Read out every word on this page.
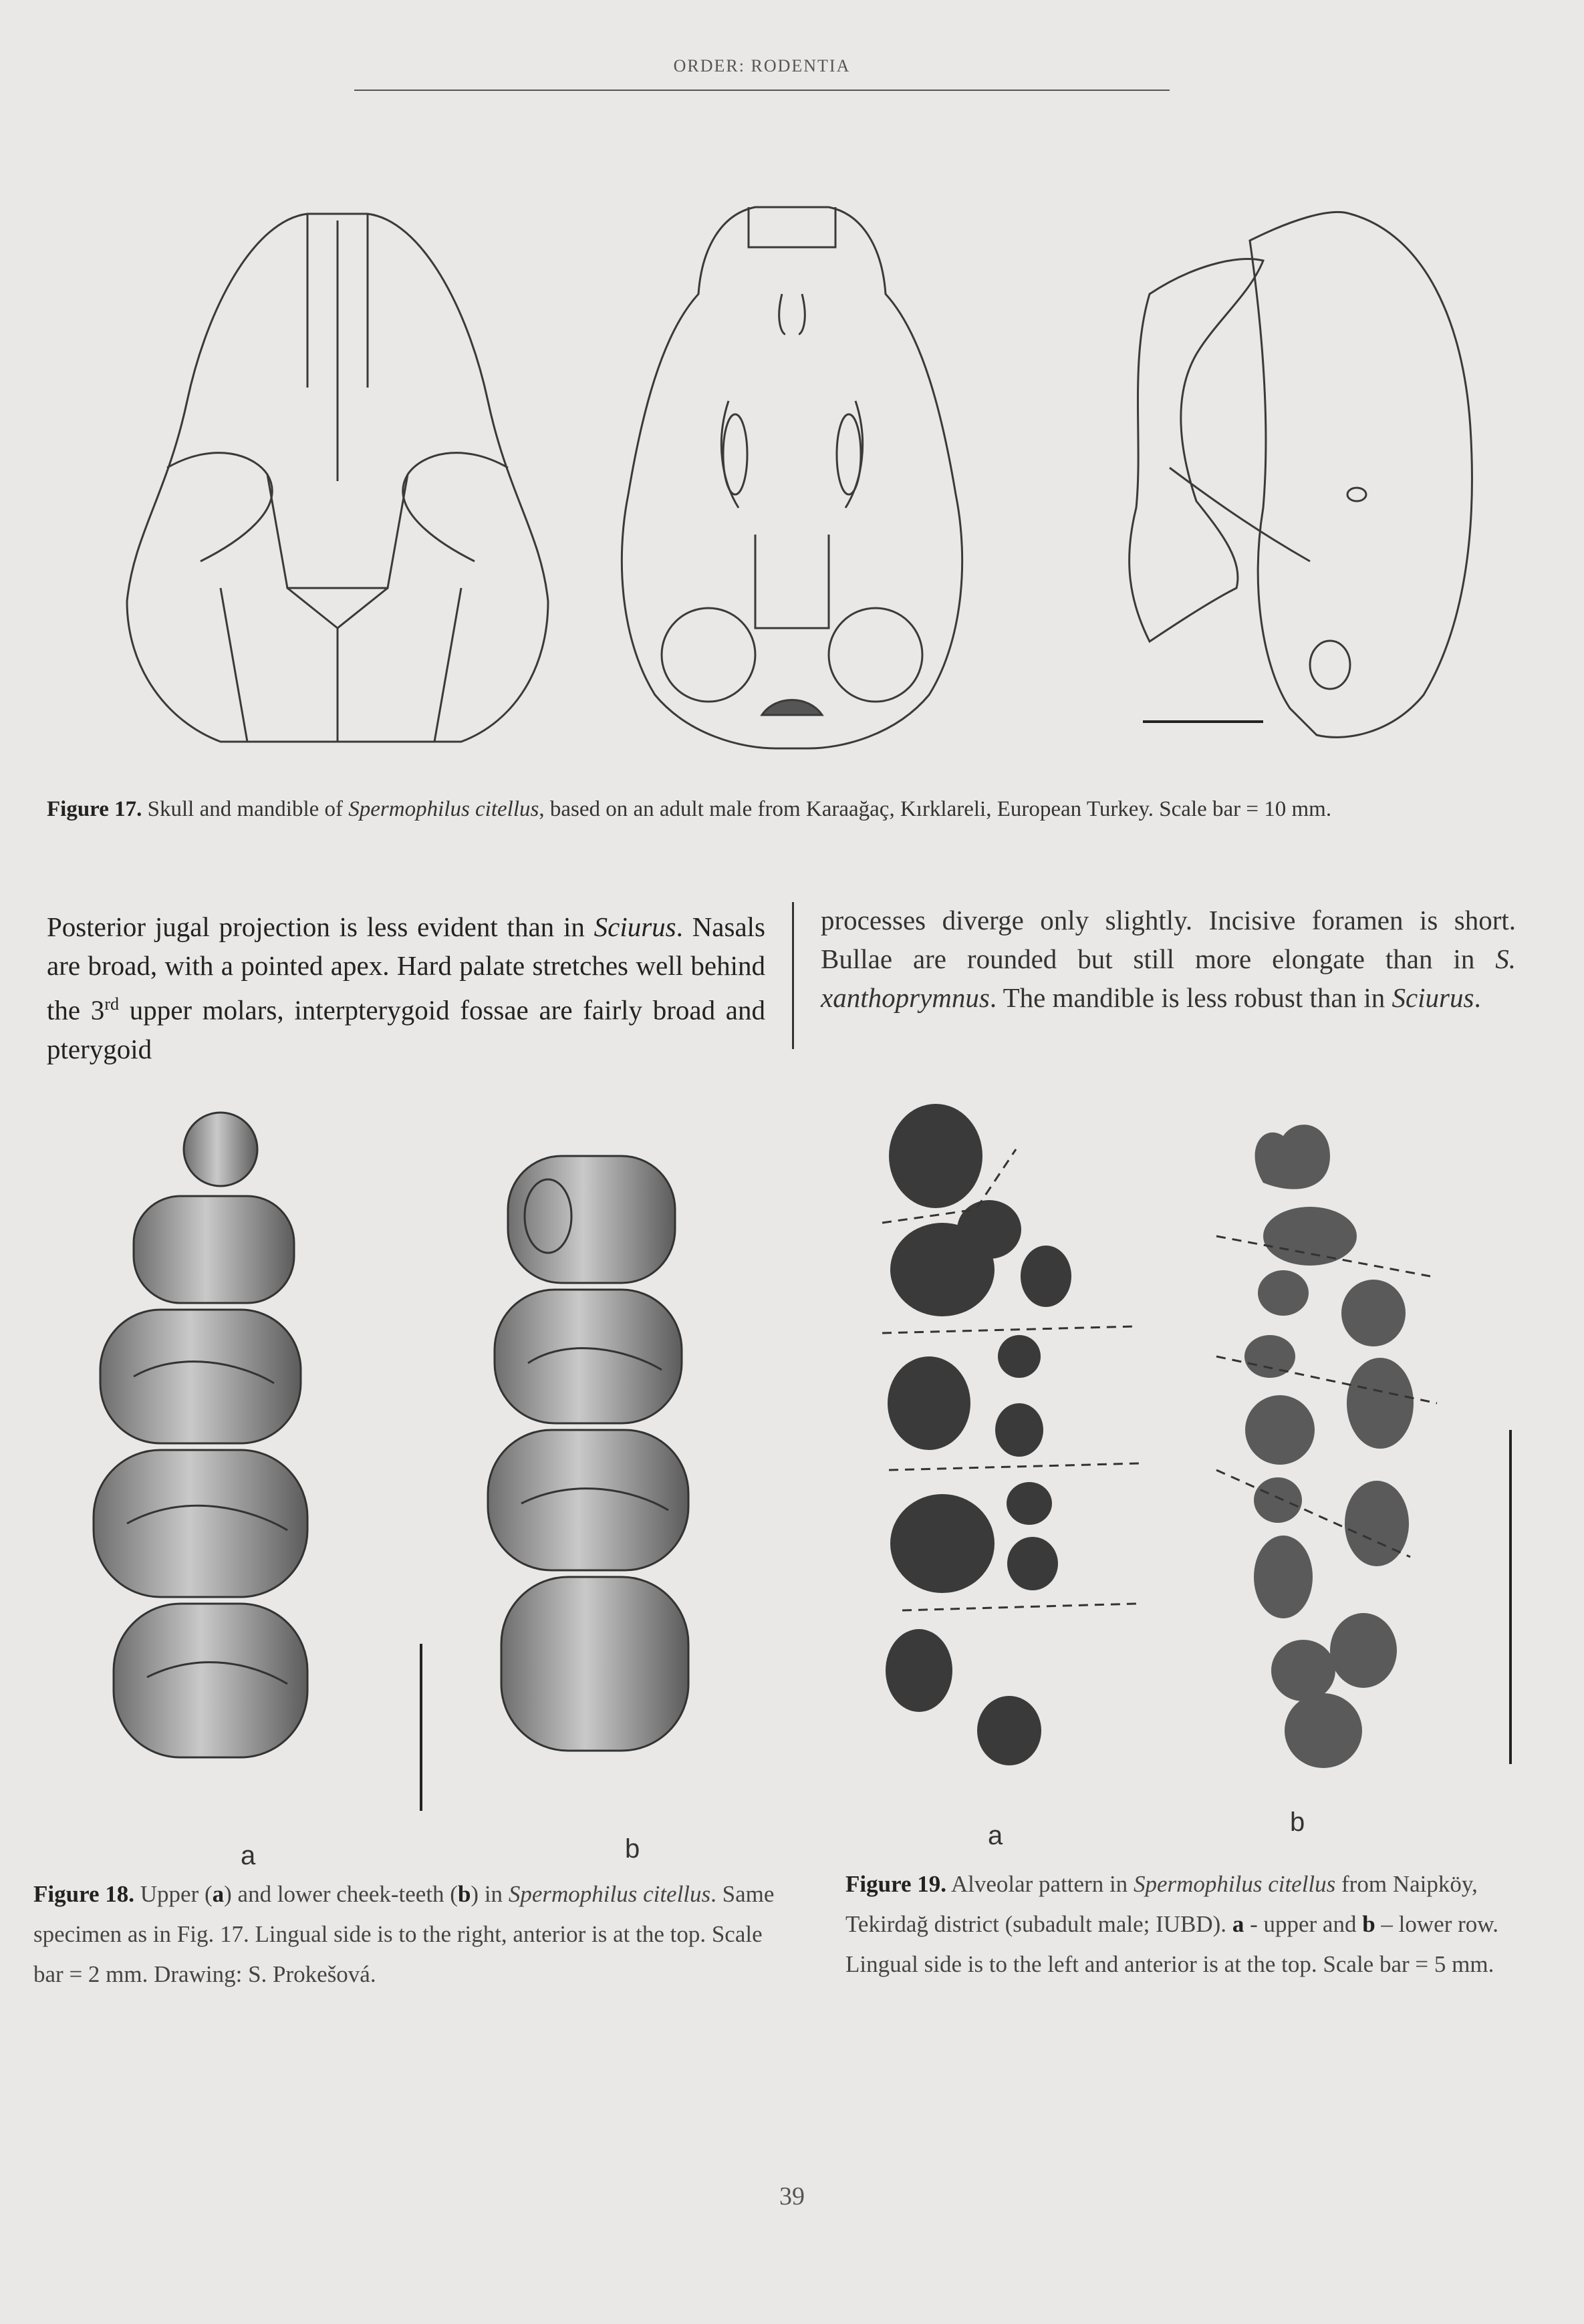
ORDER: RODENTIA
Figure 17. Skull and mandible of Spermophilus citellus, based on an adult male from Karaağaç, Kırklareli, European Turkey. Scale bar = 10 mm.
Posterior jugal projection is less evident than in Sciurus. Nasals are broad, with a pointed apex. Hard palate stretches well behind the 3rd upper molars, interpterygoid fossae are fairly broad and pterygoid
processes diverge only slightly. Incisive foramen is short. Bullae are rounded but still more elongate than in S. xanthoprymnus. The mandible is less robust than in Sciurus.
a	b	a	b
Figure 18. Upper (a) and lower cheek-teeth (b) in Spermophilus citellus. Same specimen as in Fig. 17. Lingual side is to the right, anterior is at the top. Scale bar = 2 mm. Drawing: S. Prokešová.
Figure 19. Alveolar pattern in Spermophilus citellus from Naipköy, Tekirdağ district (subadult male; IUBD). a - upper and b – lower row. Lingual side is to the left and anterior is at the top. Scale bar = 5 mm.
39
